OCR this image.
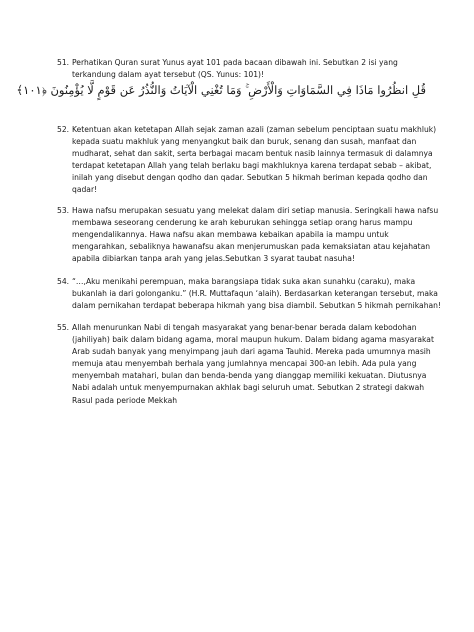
51. Perhatikan Quran surat Yunus ayat 101 pada bacaan dibawah ini. Sebutkan 2 isi yang
terkandung dalam ayat tersebut (QS. Yunus: 101)!
قُلِ انظُرُوا مَاذَا فِي السَّمَاوَاتِ وَالْأَرْضِ ۚ وَمَا تُغْنِي الْآيَاتُ وَالنُّذُرُ عَن قَوْمٍ لَّا يُؤْمِنُونَ ﴿١٠١﴾
52. Ketentuan akan ketetapan Allah sejak zaman azali (zaman sebelum penciptaan suatu makhluk)
kepada suatu makhluk yang menyangkut baik dan buruk, senang dan susah, manfaat dan
mudharat, sehat dan sakit, serta berbagai macam bentuk nasib lainnya termasuk di dalamnya
terdapat ketetapan Allah yang telah berlaku bagi makhluknya karena terdapat sebab – akibat,
inilah yang disebut dengan qodho dan qadar. Sebutkan 5 hikmah beriman kepada qodho dan
qadar!
53. Hawa nafsu merupakan sesuatu yang melekat dalam diri setiap manusia. Seringkali hawa nafsu
membawa seseorang cenderung ke arah keburukan sehingga setiap orang harus mampu
mengendalikannya. Hawa nafsu akan membawa kebaikan apabila ia mampu untuk
mengarahkan, sebaliknya hawanafsu akan menjerumuskan pada kemaksiatan atau kejahatan
apabila dibiarkan tanpa arah yang jelas.Sebutkan 3 syarat taubat nasuha!
54. “…,Aku menikahi perempuan, maka barangsiapa tidak suka akan sunahku (caraku), maka
bukanlah ia dari golonganku.” (H.R. Muttafaqun ‘alaih). Berdasarkan keterangan tersebut, maka
dalam pernikahan terdapat beberapa hikmah yang bisa diambil. Sebutkan 5 hikmah pernikahan!
55. Allah menurunkan Nabi di tengah masyarakat yang benar-benar berada dalam kebodohan
(jahiliyah) baik dalam bidang agama, moral maupun hukum. Dalam bidang agama masyarakat
Arab sudah banyak yang menyimpang jauh dari agama Tauhid. Mereka pada umumnya masih
memuja atau menyembah berhala yang jumlahnya mencapai 300-an lebih. Ada pula yang
menyembah matahari, bulan dan benda-benda yang dianggap memiliki kekuatan. Diutusnya
Nabi adalah untuk menyempurnakan akhlak bagi seluruh umat. Sebutkan 2 strategi dakwah
Rasul pada periode Mekkah
